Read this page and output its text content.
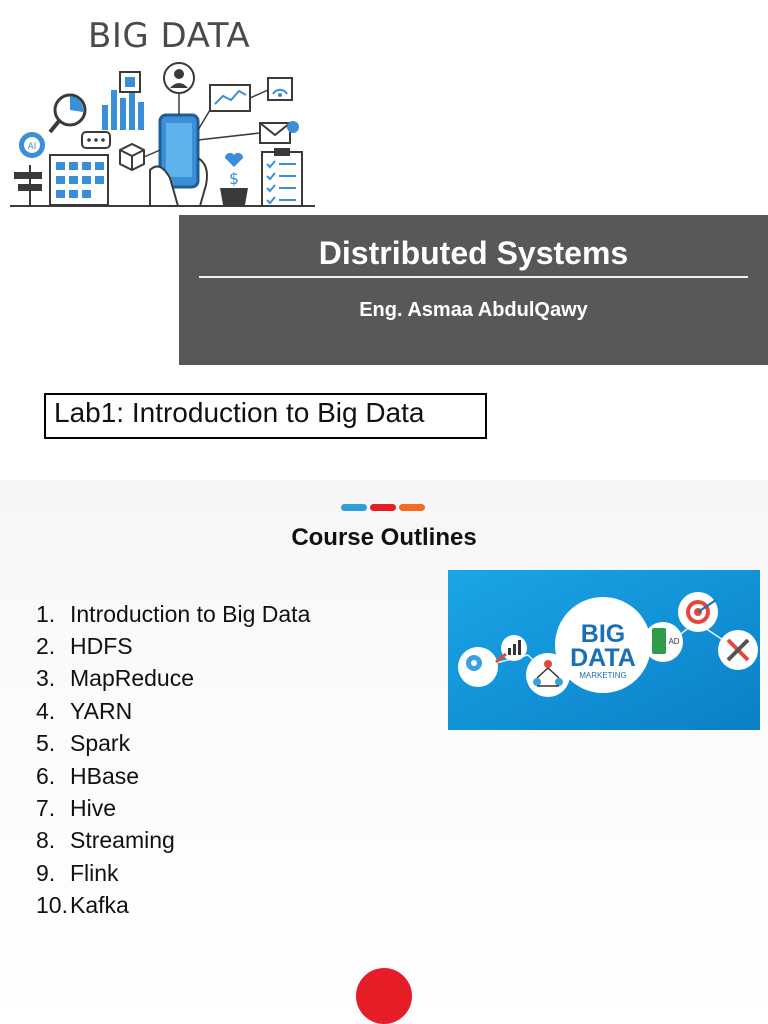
BIG DATA
AI
$
Distributed Systems
Eng. Asmaa AbdulQawy
Lab1: Introduction to Big Data
Course Outlines
1. Introduction to Big Data
2. HDFS
3. MapReduce
4. YARN
5. Spark
6. HBase
7. Hive
8. Streaming
9. Flink
10. Kafka
BIG
DATA
MARKETING
AD
